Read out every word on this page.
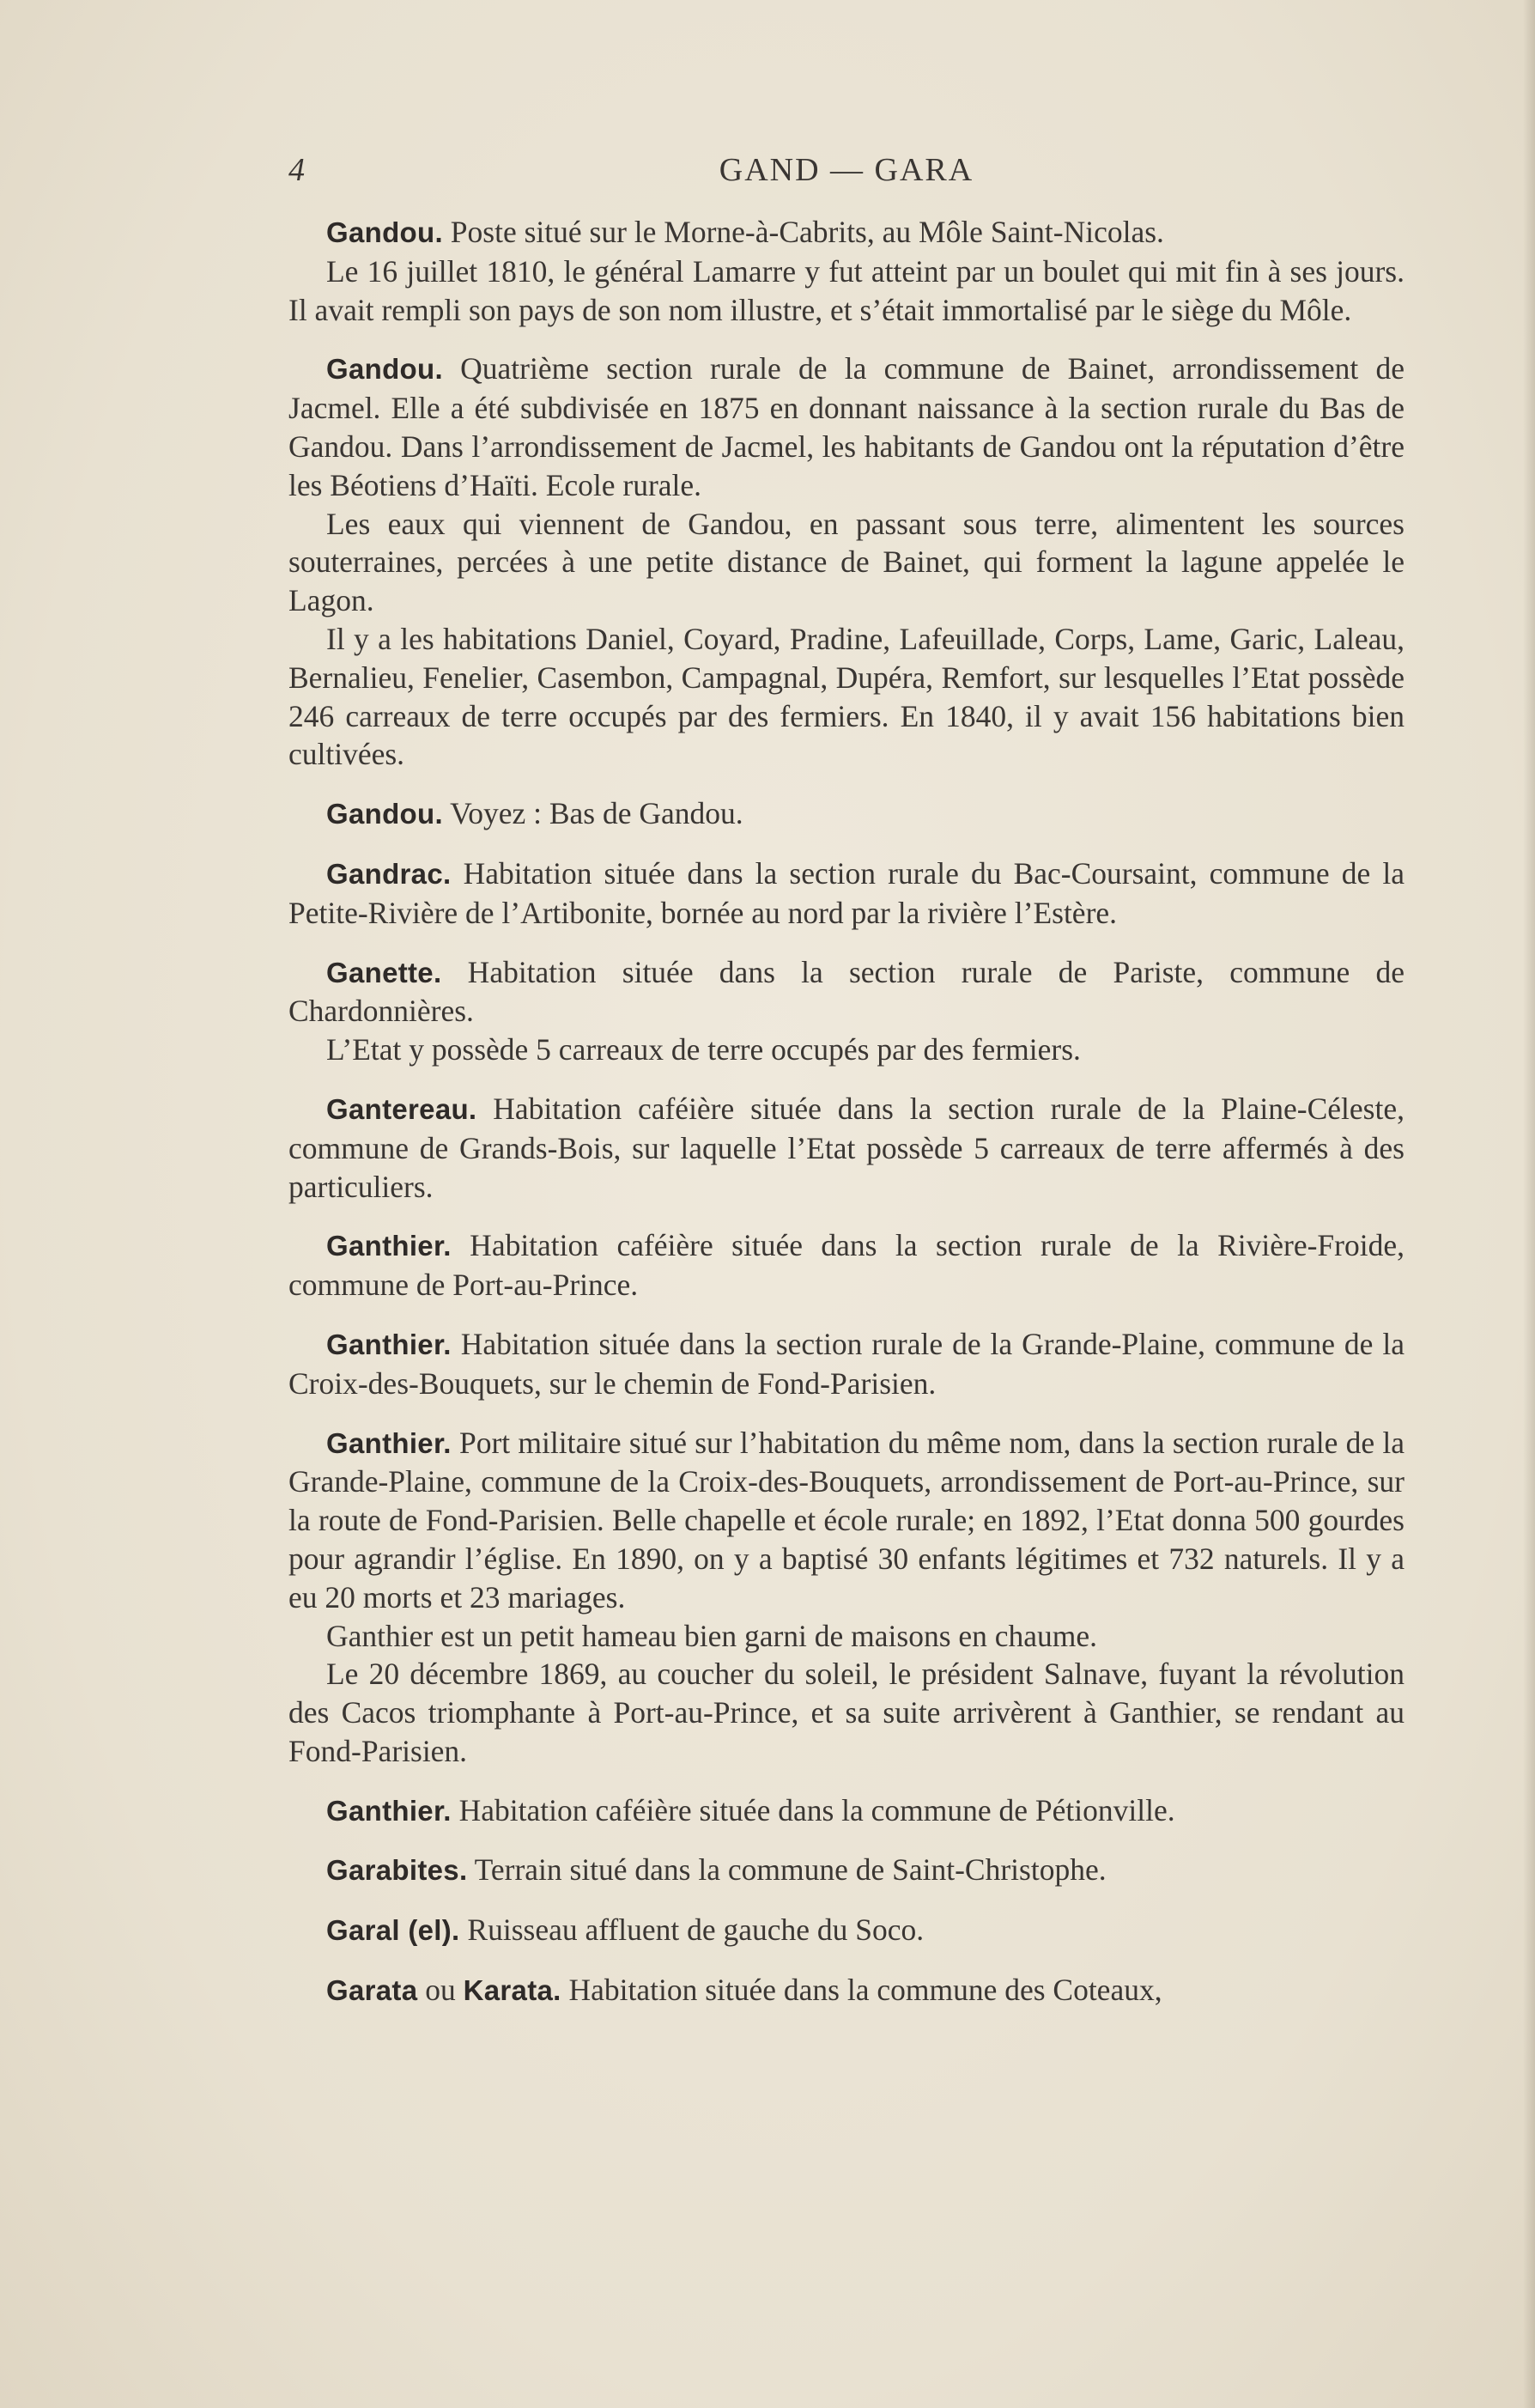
4	GAND — GARA

Gandou. Poste situé sur le Morne-à-Cabrits, au Môle Saint-Nicolas.

Le 16 juillet 1810, le général Lamarre y fut atteint par un boulet qui mit fin à ses jours. Il avait rempli son pays de son nom illustre, et s’était immortalisé par le siège du Môle.

Gandou. Quatrième section rurale de la commune de Bainet, arrondissement de Jacmel. Elle a été subdivisée en 1875 en donnant naissance à la section rurale du Bas de Gandou. Dans l’arrondissement de Jacmel, les habitants de Gandou ont la réputation d’être les Béotiens d’Haïti. Ecole rurale.

Les eaux qui viennent de Gandou, en passant sous terre, alimentent les sources souterraines, percées à une petite distance de Bainet, qui forment la lagune appelée le Lagon.

Il y a les habitations Daniel, Coyard, Pradine, Lafeuillade, Corps, Lame, Garic, Laleau, Bernalieu, Fenelier, Casembon, Campagnal, Dupéra, Remfort, sur lesquelles l’Etat possède 246 carreaux de terre occupés par des fermiers. En 1840, il y avait 156 habitations bien cultivées.

Gandou. Voyez : Bas de Gandou.

Gandrac. Habitation située dans la section rurale du Bac-Coursaint, commune de la Petite-Rivière de l’Artibonite, bornée au nord par la rivière l’Estère.

Ganette. Habitation située dans la section rurale de Pariste, commune de Chardonnières.

L’Etat y possède 5 carreaux de terre occupés par des fermiers.

Gantereau. Habitation caféière située dans la section rurale de la Plaine-Céleste, commune de Grands-Bois, sur laquelle l’Etat possède 5 carreaux de terre affermés à des particuliers.

Ganthier. Habitation caféière située dans la section rurale de la Rivière-Froide, commune de Port-au-Prince.

Ganthier. Habitation située dans la section rurale de la Grande-Plaine, commune de la Croix-des-Bouquets, sur le chemin de Fond-Parisien.

Ganthier. Port militaire situé sur l’habitation du même nom, dans la section rurale de la Grande-Plaine, commune de la Croix-des-Bouquets, arrondissement de Port-au-Prince, sur la route de Fond-Parisien. Belle chapelle et école rurale; en 1892, l’Etat donna 500 gourdes pour agrandir l’église. En 1890, on y a baptisé 30 enfants légitimes et 732 naturels. Il y a eu 20 morts et 23 mariages.

Ganthier est un petit hameau bien garni de maisons en chaume.

Le 20 décembre 1869, au coucher du soleil, le président Salnave, fuyant la révolution des Cacos triomphante à Port-au-Prince, et sa suite arrivèrent à Ganthier, se rendant au Fond-Parisien.

Ganthier. Habitation caféière située dans la commune de Pétionville.

Garabites. Terrain situé dans la commune de Saint-Christophe.

Garal (el). Ruisseau affluent de gauche du Soco.

Garata ou Karata. Habitation située dans la commune des Coteaux,
